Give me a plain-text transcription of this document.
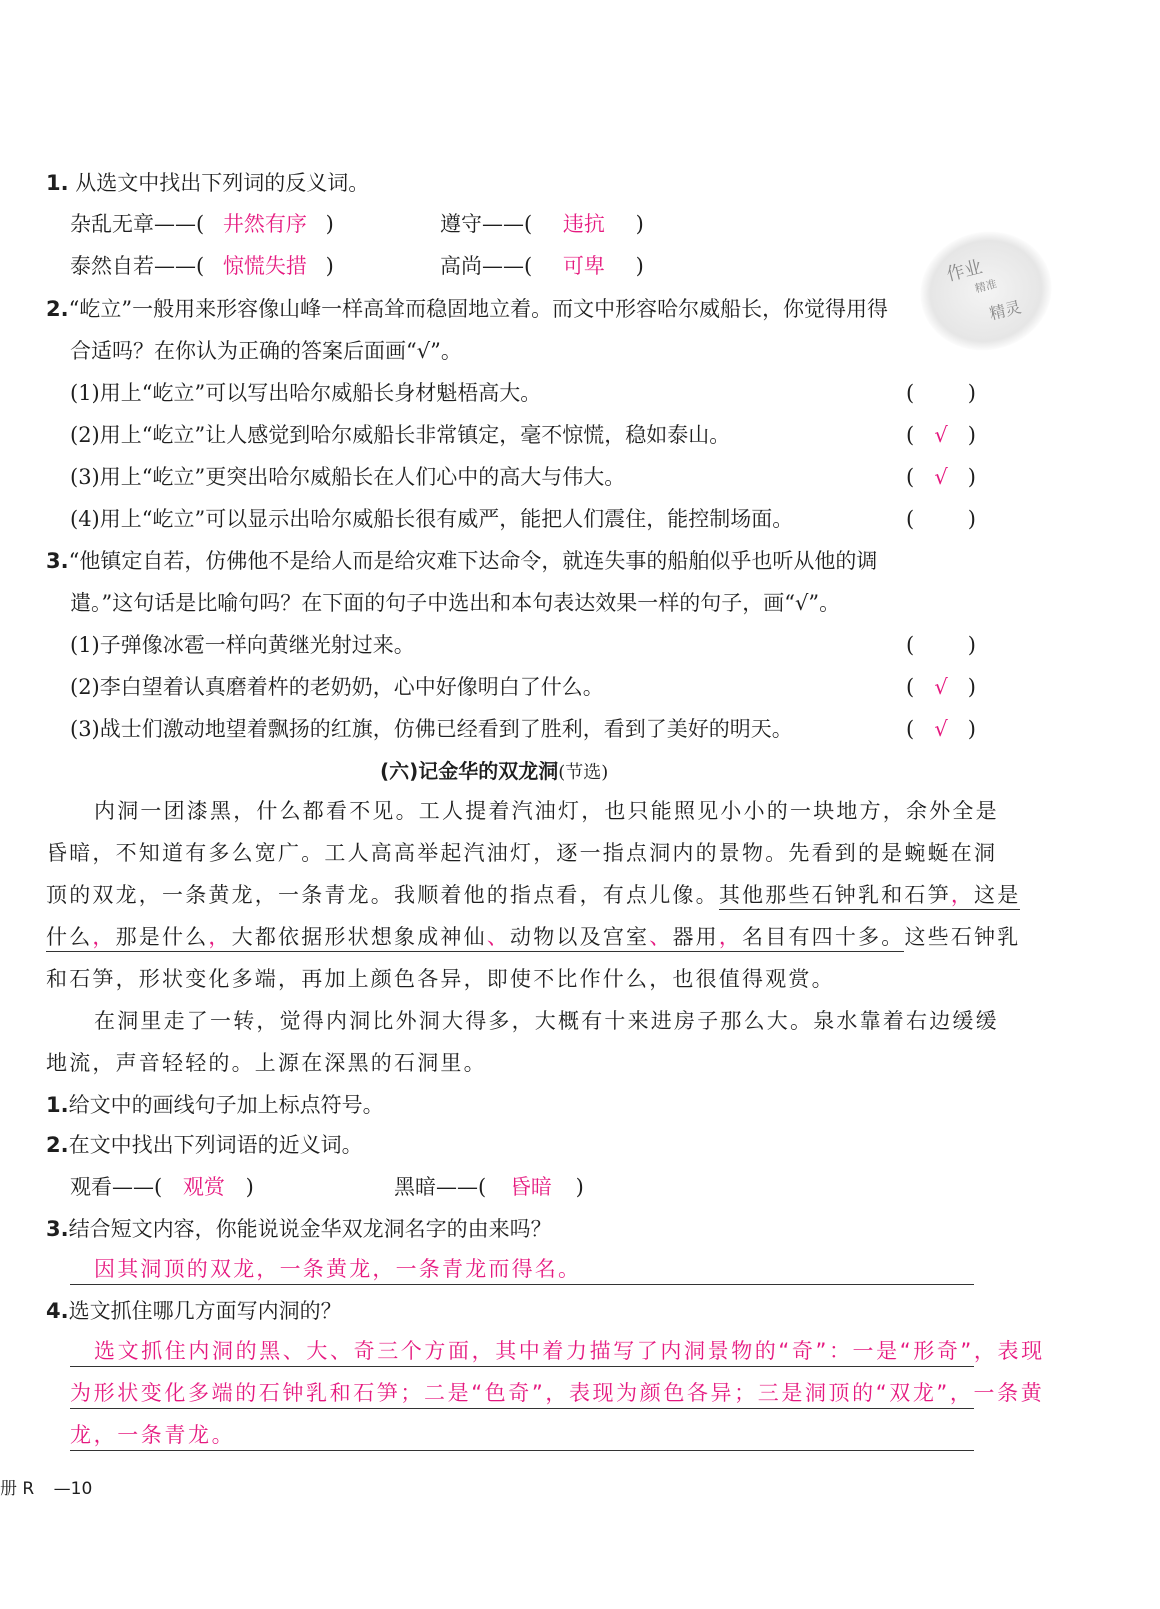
1. 从选文中找出下列词的反义词。
杂乱无章——( 井然有序 )	遵守——( 违抗 )
泰然自若——( 惊慌失措 )	高尚——( 可卑 )	作业
精准
精灵
2.“屹立”一般用来形容像山峰一样高耸而稳固地立着。而文中形容哈尔威船长，你觉得用得
合适吗？在你认为正确的答案后面画“√”。
(1)用上“屹立”可以写出哈尔威船长身材魁梧高大。	( )
(2)用上“屹立”让人感觉到哈尔威船长非常镇定，毫不惊慌，稳如泰山。	( √ )
(3)用上“屹立”更突出哈尔威船长在人们心中的高大与伟大。	( √ )
(4)用上“屹立”可以显示出哈尔威船长很有威严，能把人们震住，能控制场面。	( )
3.“他镇定自若，仿佛他不是给人而是给灾难下达命令，就连失事的船舶似乎也听从他的调
遣。”这句话是比喻句吗？在下面的句子中选出和本句表达效果一样的句子，画“√”。
(1)子弹像冰雹一样向黄继光射过来。	( )
(2)李白望着认真磨着杵的老奶奶，心中好像明白了什么。	( √ )
(3)战士们激动地望着飘扬的红旗，仿佛已经看到了胜利，看到了美好的明天。	( √ )
(六)记金华的双龙洞(节选)
内洞一团漆黑，什么都看不见。工人提着汽油灯，也只能照见小小的一块地方，余外全是
昏暗，不知道有多么宽广。工人高高举起汽油灯，逐一指点洞内的景物。先看到的是蜿蜒在洞
顶的双龙，一条黄龙，一条青龙。我顺着他的指点看，有点儿像。其他那些石钟乳和石笋，这是
什么，那是什么，大都依据形状想象成神仙、动物以及宫室、器用，名目有四十多。这些石钟乳
和石笋，形状变化多端，再加上颜色各异，即使不比作什么，也很值得观赏。
在洞里走了一转，觉得内洞比外洞大得多，大概有十来进房子那么大。泉水靠着右边缓缓
地流，声音轻轻的。上源在深黑的石洞里。
1.给文中的画线句子加上标点符号。
2.在文中找出下列词语的近义词。
观看——( 观赏 )	黑暗——( 昏暗 )
3.结合短文内容，你能说说金华双龙洞名字的由来吗？
因其洞顶的双龙，一条黄龙，一条青龙而得名。
4.选文抓住哪几方面写内洞的？
选文抓住内洞的黑、大、奇三个方面，其中着力描写了内洞景物的“奇”：一是“形奇”，表现
为形状变化多端的石钟乳和石笋；二是“色奇”，表现为颜色各异；三是洞顶的“双龙”，一条黄
龙，一条青龙。
册 R —10
